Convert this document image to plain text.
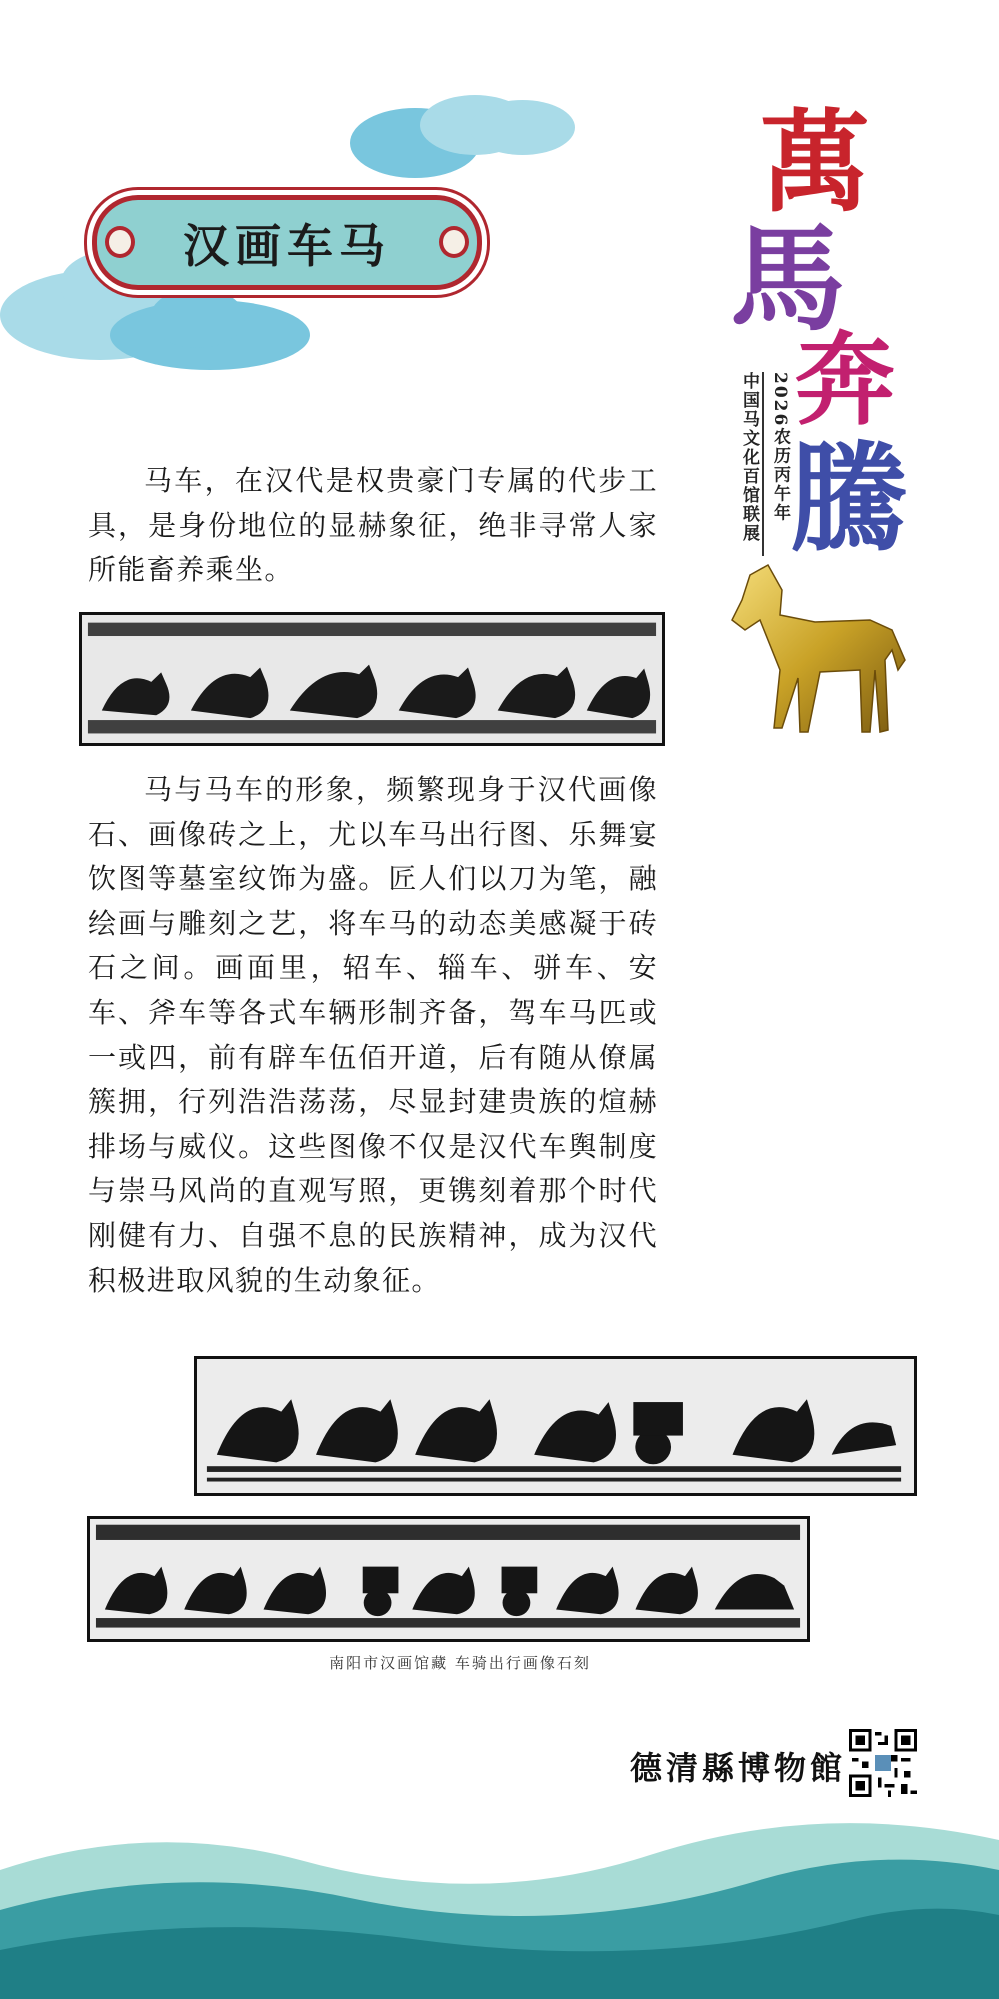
汉画车马
萬
馬
奔
騰
2026农历丙午年
中国马文化百馆联展

马车，在汉代是权贵豪门专属的代步工具，是身份地位的显赫象征，绝非寻常人家所能畜养乘坐。

马与马车的形象，频繁现身于汉代画像石、画像砖之上，尤以车马出行图、乐舞宴饮图等墓室纹饰为盛。匠人们以刀为笔，融绘画与雕刻之艺，将车马的动态美感凝于砖石之间。画面里，轺车、辎车、骈车、安车、斧车等各式车辆形制齐备，驾车马匹或一或四，前有辟车伍佰开道，后有随从僚属簇拥，行列浩浩荡荡，尽显封建贵族的煊赫排场与威仪。这些图像不仅是汉代车舆制度与崇马风尚的直观写照，更镌刻着那个时代刚健有力、自强不息的民族精神，成为汉代积极进取风貌的生动象征。

南阳市汉画馆藏 车骑出行画像石刻
德清縣博物館
